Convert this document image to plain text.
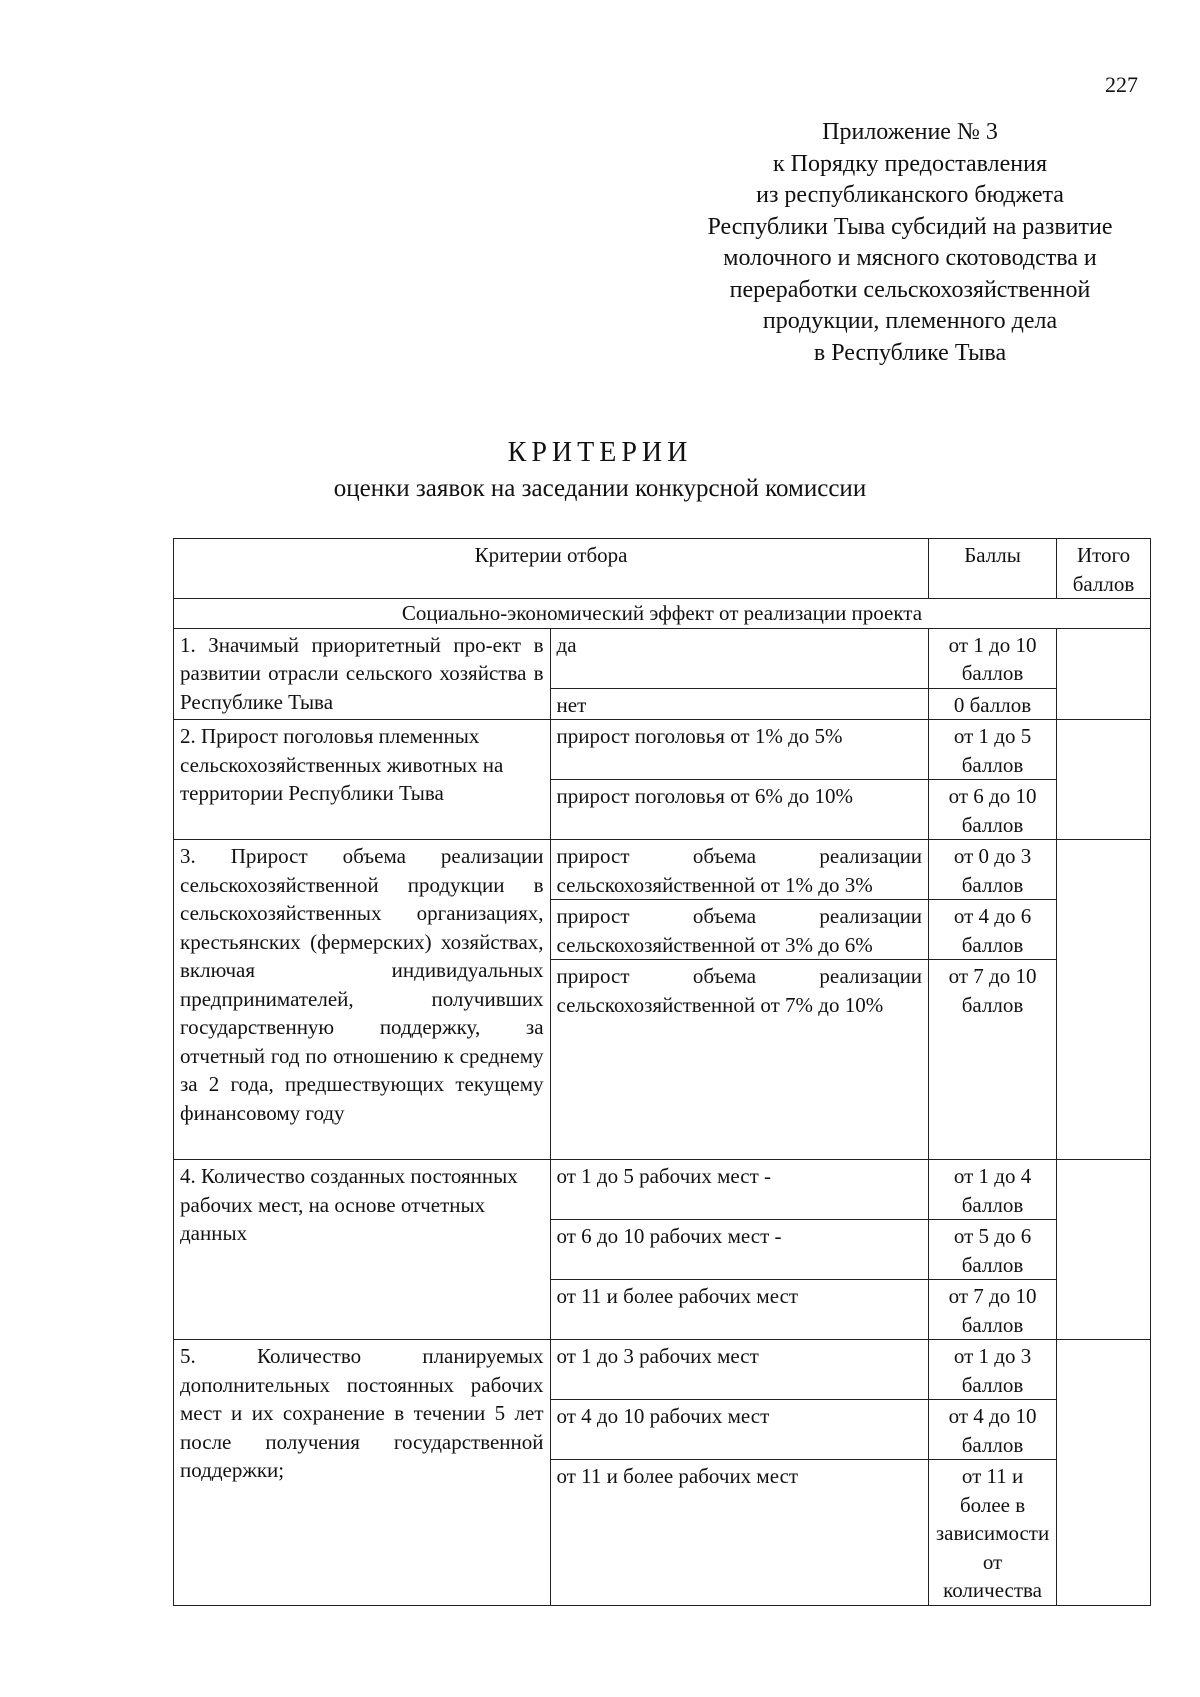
227
Приложение № 3
к Порядку предоставления
из республиканского бюджета
Республики Тыва субсидий на развитие
молочного и мясного скотоводства и
переработки сельскохозяйственной
продукции, племенного дела
в Республике Тыва
КРИТЕРИИ
оценки заявок на заседании конкурсной комиссии
Критерии отбора		Баллы	Итого баллов
Социально-экономический эффект от реализации проекта			
1. Значимый приоритетный про-ект в развитии отрасли сельского хозяйства в Республике Тыва	да	от 1 до 10 баллов	
	нет	0 баллов	
2. Прирост поголовья племенных сельскохозяйственных животных на территории Республики Тыва	прирост поголовья от 1% до 5%	от 1 до 5 баллов	
	прирост поголовья от 6% до 10%	от 6 до 10 баллов	
3. Прирост объема реализации сельскохозяйственной продукции в сельскохозяйственных организациях, крестьянских (фермерских) хозяйствах, включая индивидуальных предпринимателей, получивших государственную поддержку, за отчетный год по отношению к среднему за 2 года, предшествующих текущему финансовому году	прирост объема реализации сельскохозяйственной от 1% до 3%	от 0 до 3 баллов	
	прирост объема реализации сельскохозяйственной от 3% до 6%	от 4 до 6 баллов	
	прирост объема реализации сельскохозяйственной от 7% до 10%	от 7 до 10 баллов	
4. Количество созданных постоянных рабочих мест, на основе отчетных данных	от 1 до 5 рабочих мест -	от 1 до 4 баллов	
	от 6 до 10 рабочих мест -	от 5 до 6 баллов	
	от 11 и более рабочих мест	от 7 до 10 баллов	
5. Количество планируемых дополнительных постоянных рабочих мест и их сохранение в течении 5 лет после получения государственной поддержки;	от 1 до 3 рабочих мест	от 1 до 3 баллов	
	от 4 до 10 рабочих мест	от 4 до 10 баллов	
	от 11 и более рабочих мест	от 11 и более в зависимости от количества	
